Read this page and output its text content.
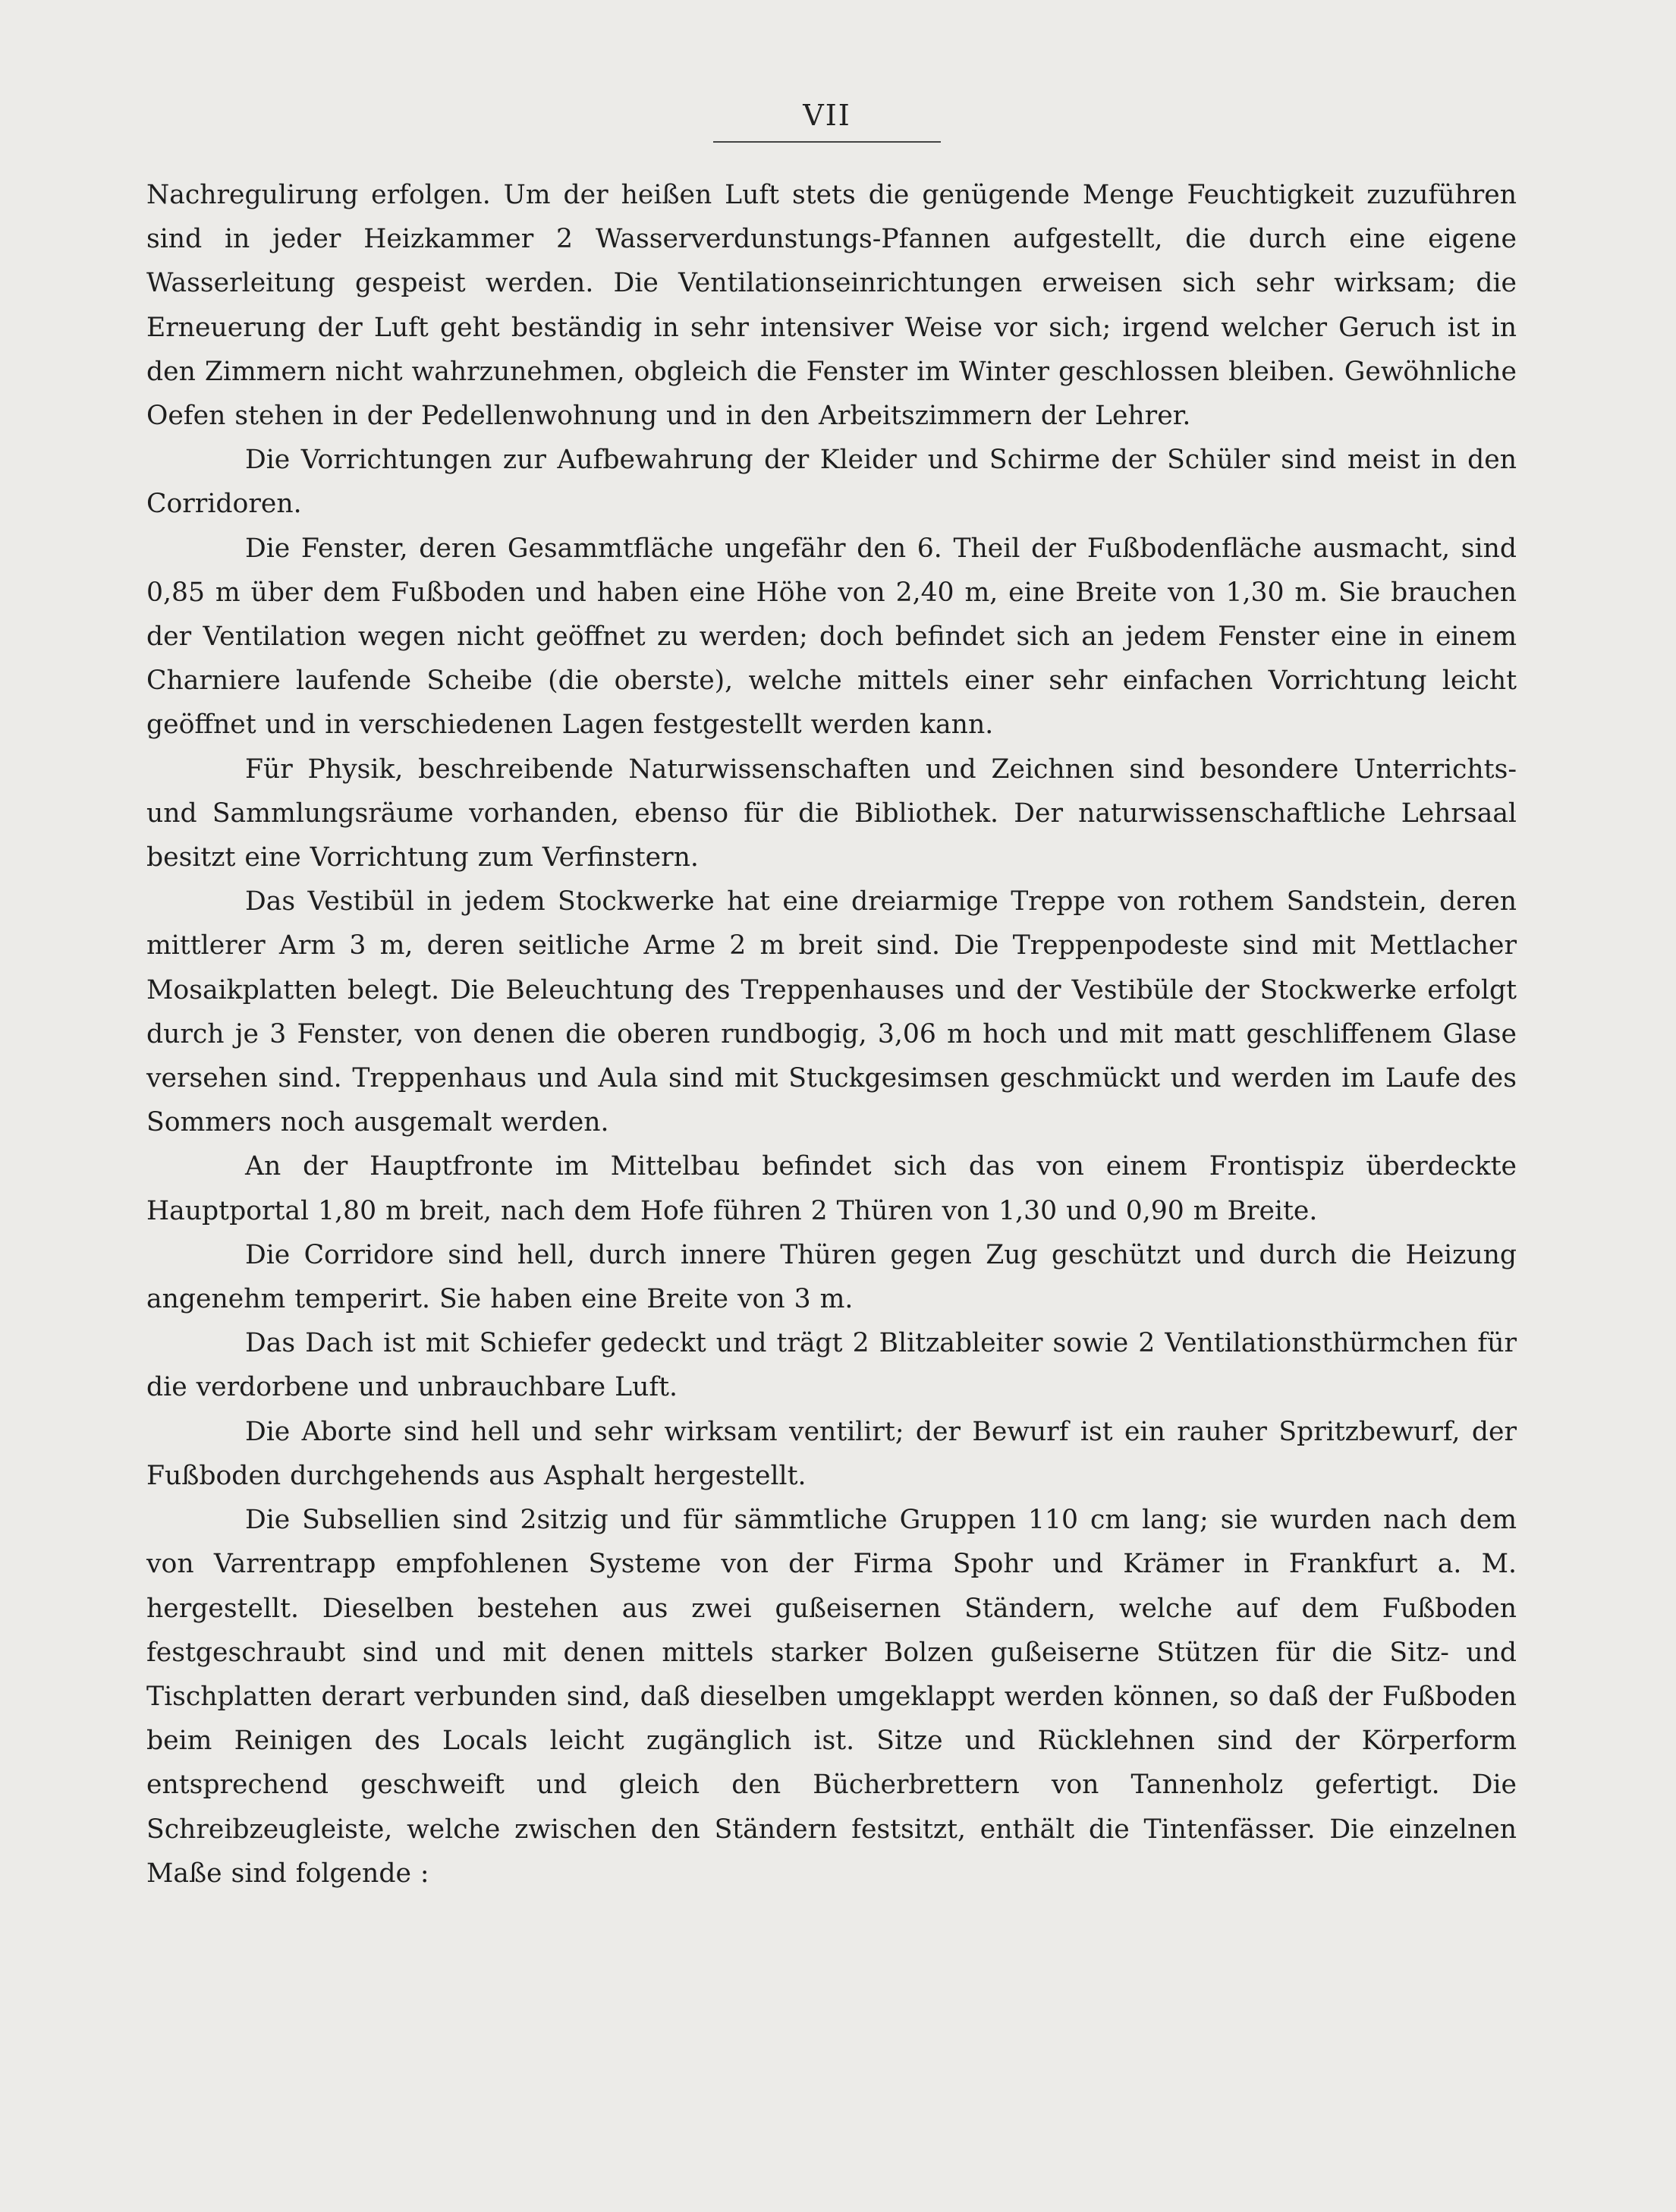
VII

Nachregulirung erfolgen. Um der heißen Luft stets die genügende Menge Feuchtigkeit zuzuführen sind in jeder Heizkammer 2 Wasserverdunstungs-Pfannen aufgestellt, die durch eine eigene Wasserleitung gespeist werden. Die Ventilationseinrichtungen erweisen sich sehr wirksam; die Erneuerung der Luft geht beständig in sehr intensiver Weise vor sich; irgend welcher Geruch ist in den Zimmern nicht wahrzunehmen, obgleich die Fenster im Winter geschlossen bleiben. Gewöhnliche Oefen stehen in der Pedellenwohnung und in den Arbeitszimmern der Lehrer.

Die Vorrichtungen zur Aufbewahrung der Kleider und Schirme der Schüler sind meist in den Corridoren.

Die Fenster, deren Gesammtfläche ungefähr den 6. Theil der Fußbodenfläche ausmacht, sind 0,85 m über dem Fußboden und haben eine Höhe von 2,40 m, eine Breite von 1,30 m. Sie brauchen der Ventilation wegen nicht geöffnet zu werden; doch befindet sich an jedem Fenster eine in einem Charniere laufende Scheibe (die oberste), welche mittels einer sehr einfachen Vorrichtung leicht geöffnet und in verschiedenen Lagen festgestellt werden kann.

Für Physik, beschreibende Naturwissenschaften und Zeichnen sind besondere Unterrichts- und Sammlungsräume vorhanden, ebenso für die Bibliothek. Der naturwissenschaftliche Lehrsaal besitzt eine Vorrichtung zum Verfinstern.

Das Vestibül in jedem Stockwerke hat eine dreiarmige Treppe von rothem Sandstein, deren mittlerer Arm 3 m, deren seitliche Arme 2 m breit sind. Die Treppenpodeste sind mit Mettlacher Mosaikplatten belegt. Die Beleuchtung des Treppenhauses und der Vestibüle der Stockwerke erfolgt durch je 3 Fenster, von denen die oberen rundbogig, 3,06 m hoch und mit matt geschliffenem Glase versehen sind. Treppenhaus und Aula sind mit Stuckgesimsen geschmückt und werden im Laufe des Sommers noch ausgemalt werden.

An der Hauptfronte im Mittelbau befindet sich das von einem Frontispiz überdeckte Hauptportal 1,80 m breit, nach dem Hofe führen 2 Thüren von 1,30 und 0,90 m Breite.

Die Corridore sind hell, durch innere Thüren gegen Zug geschützt und durch die Heizung angenehm temperirt. Sie haben eine Breite von 3 m.

Das Dach ist mit Schiefer gedeckt und trägt 2 Blitzableiter sowie 2 Ventilationsthürmchen für die verdorbene und unbrauchbare Luft.

Die Aborte sind hell und sehr wirksam ventilirt; der Bewurf ist ein rauher Spritzbewurf, der Fußboden durchgehends aus Asphalt hergestellt.

Die Subsellien sind 2sitzig und für sämmtliche Gruppen 110 cm lang; sie wurden nach dem von Varrentrapp empfohlenen Systeme von der Firma Spohr und Krämer in Frankfurt a. M. hergestellt. Dieselben bestehen aus zwei gußeisernen Ständern, welche auf dem Fußboden festgeschraubt sind und mit denen mittels starker Bolzen gußeiserne Stützen für die Sitz- und Tischplatten derart verbunden sind, daß dieselben umgeklappt werden können, so daß der Fußboden beim Reinigen des Locals leicht zugänglich ist. Sitze und Rücklehnen sind der Körperform entsprechend geschweift und gleich den Bücherbrettern von Tannenholz gefertigt. Die Schreibzeugleiste, welche zwischen den Ständern festsitzt, enthält die Tintenfässer. Die einzelnen Maße sind folgende :
